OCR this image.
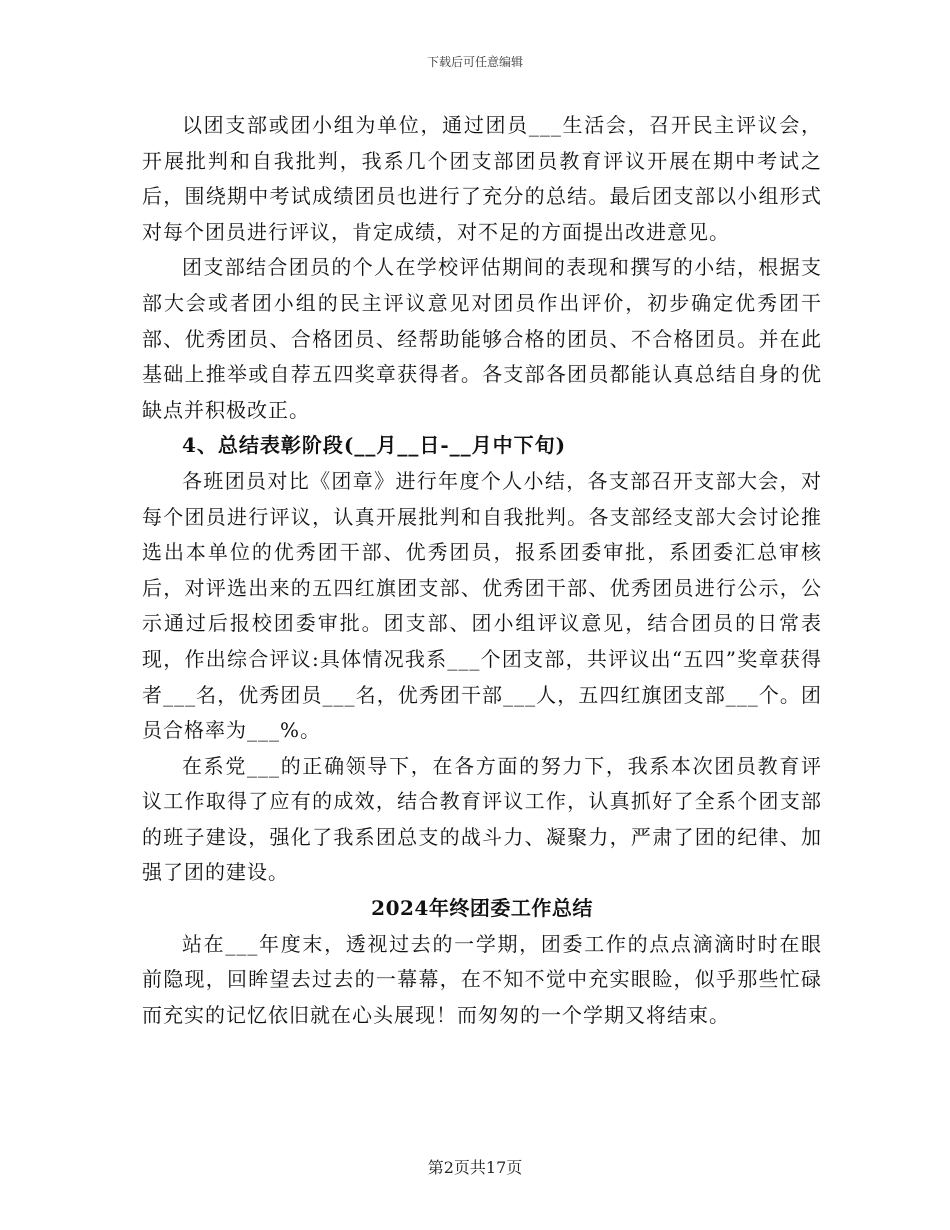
下载后可任意编辑

以团支部或团小组为单位，通过团员___生活会，召开民主评议会，开展批判和自我批判，我系几个团支部团员教育评议开展在期中考试之后，围绕期中考试成绩团员也进行了充分的总结。最后团支部以小组形式对每个团员进行评议，肯定成绩，对不足的方面提出改进意见。

团支部结合团员的个人在学校评估期间的表现和撰写的小结，根据支部大会或者团小组的民主评议意见对团员作出评价，初步确定优秀团干部、优秀团员、合格团员、经帮助能够合格的团员、不合格团员。并在此基础上推举或自荐五四奖章获得者。各支部各团员都能认真总结自身的优缺点并积极改正。

4、总结表彰阶段(__月__日-__月中下旬)

各班团员对比《团章》进行年度个人小结，各支部召开支部大会，对每个团员进行评议，认真开展批判和自我批判。各支部经支部大会讨论推选出本单位的优秀团干部、优秀团员，报系团委审批，系团委汇总审核后，对评选出来的五四红旗团支部、优秀团干部、优秀团员进行公示，公示通过后报校团委审批。团支部、团小组评议意见，结合团员的日常表现，作出综合评议:具体情况我系___个团支部，共评议出“五四”奖章获得者___名，优秀团员___名，优秀团干部___人，五四红旗团支部___个。团员合格率为___%。

在系党___的正确领导下，在各方面的努力下，我系本次团员教育评议工作取得了应有的成效，结合教育评议工作，认真抓好了全系个团支部的班子建设，强化了我系团总支的战斗力、凝聚力，严肃了团的纪律、加强了团的建设。

2024年终团委工作总结

站在___年度末，透视过去的一学期，团委工作的点点滴滴时时在眼前隐现，回眸望去过去的一幕幕，在不知不觉中充实眼睑，似乎那些忙碌而充实的记忆依旧就在心头展现！而匆匆的一个学期又将结束。

第2页共17页
